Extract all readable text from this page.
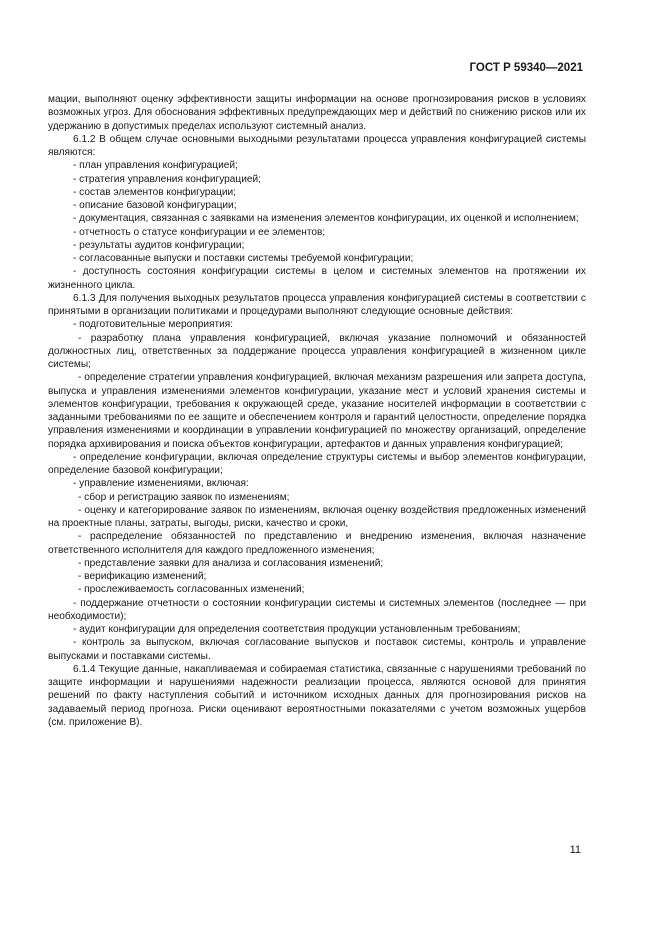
ГОСТ Р 59340—2021

мации, выполняют оценку эффективности защиты информации на основе прогнозирования рисков в условиях возможных угроз. Для обоснования эффективных предупреждающих мер и действий по снижению рисков или их удержанию в допустимых пределах используют системный анализ.

6.1.2 В общем случае основными выходными результатами процесса управления конфигурацией системы являются:

- план управления конфигурацией;

- стратегия управления конфигурацией;

- состав элементов конфигурации;

- описание базовой конфигурации;

- документация, связанная с заявками на изменения элементов конфигурации, их оценкой и исполнением;

- отчетность о статусе конфигурации и ее элементов;

- результаты аудитов конфигурации;

- согласованные выпуски и поставки системы требуемой конфигурации;

- доступность состояния конфигурации системы в целом и системных элементов на протяжении их жизненного цикла.

6.1.3 Для получения выходных результатов процесса управления конфигурацией системы в соответствии с принятыми в организации политиками и процедурами выполняют следующие основные действия:

- подготовительные мероприятия:

- разработку плана управления конфигурацией, включая указание полномочий и обязанностей должностных лиц, ответственных за поддержание процесса управления конфигурацией в жизненном цикле системы;

- определение стратегии управления конфигурацией, включая механизм разрешения или запрета доступа, выпуска и управления изменениями элементов конфигурации, указание мест и условий хранения системы и элементов конфигурации, требования к окружающей среде, указание носителей информации в соответствии с заданными требованиями по ее защите и обеспечением контроля и гарантий целостности, определение порядка управления изменениями и координации в управлении конфигурацией по множеству организаций, определение порядка архивирования и поиска объектов конфигурации, артефактов и данных управления конфигурацией;

- определение конфигурации, включая определение структуры системы и выбор элементов конфигурации, определение базовой конфигурации;

- управление изменениями, включая:

- сбор и регистрацию заявок по изменениям;

- оценку и категорирование заявок по изменениям, включая оценку воздействия предложенных изменений на проектные планы, затраты, выгоды, риски, качество и сроки,

- распределение обязанностей по представлению и внедрению изменения, включая назначение ответственного исполнителя для каждого предложенного изменения;

- представление заявки для анализа и согласования изменений;

- верификацию изменений;

- прослеживаемость согласованных изменений;

- поддержание отчетности о состоянии конфигурации системы и системных элементов (последнее — при необходимости);

- аудит конфигурации для определения соответствия продукции установленным требованиям;

- контроль за выпуском, включая согласование выпусков и поставок системы, контроль и управление выпусками и поставками системы.

6.1.4 Текущие данные, накапливаемая и собираемая статистика, связанные с нарушениями требований по защите информации и нарушениями надежности реализации процесса, являются основой для принятия решений по факту наступления событий и источником исходных данных для прогнозирования рисков на задаваемый период прогноза. Риски оценивают вероятностными показателями с учетом возможных ущербов (см. приложение В).

11
